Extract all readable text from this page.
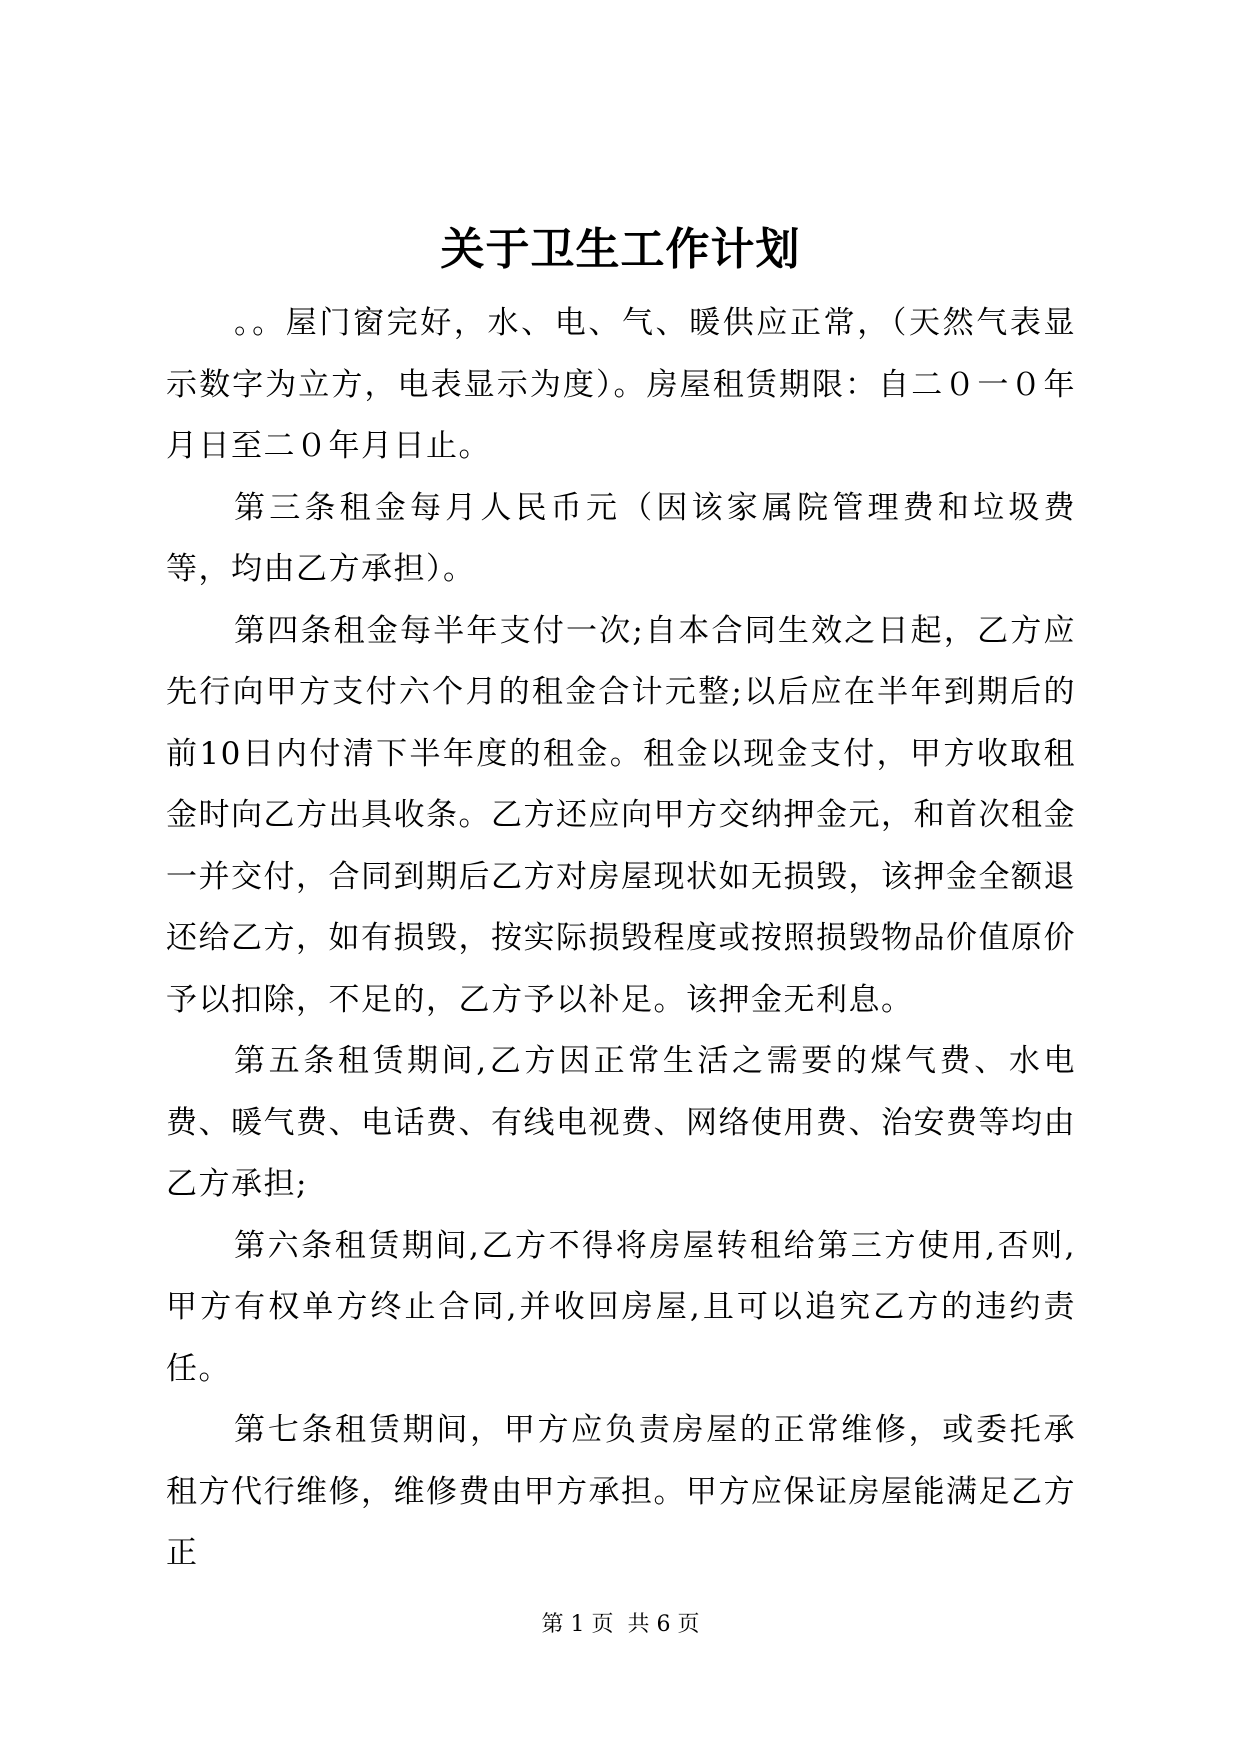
关于卫生工作计划

。。屋门窗完好，水、电、气、暖供应正常，（天然气表显示数字为立方，电表显示为度）。房屋租赁期限：自二０一０年月日至二０年月日止。

第三条租金每月人民币元（因该家属院管理费和垃圾费等，均由乙方承担）。

第四条租金每半年支付一次;自本合同生效之日起，乙方应先行向甲方支付六个月的租金合计元整;以后应在半年到期后的前10日内付清下半年度的租金。租金以现金支付，甲方收取租金时向乙方出具收条。乙方还应向甲方交纳押金元，和首次租金一并交付，合同到期后乙方对房屋现状如无损毁，该押金全额退还给乙方，如有损毁，按实际损毁程度或按照损毁物品价值原价予以扣除，不足的，乙方予以补足。该押金无利息。

第五条租赁期间,乙方因正常生活之需要的煤气费、水电费、暖气费、电话费、有线电视费、网络使用费、治安费等均由乙方承担;

第六条租赁期间,乙方不得将房屋转租给第三方使用,否则,甲方有权单方终止合同,并收回房屋,且可以追究乙方的违约责任。

第七条租赁期间，甲方应负责房屋的正常维修，或委托承租方代行维修，维修费由甲方承担。甲方应保证房屋能满足乙方正

第 1 页  共 6 页
